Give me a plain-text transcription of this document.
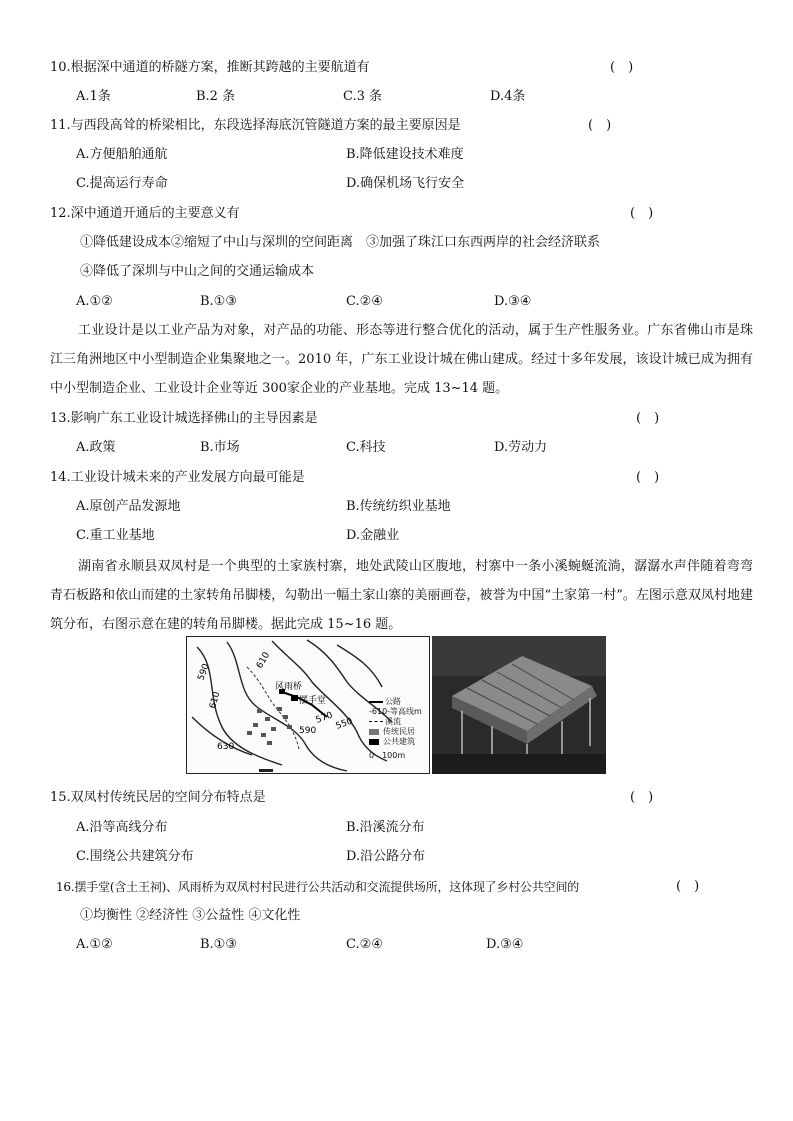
10.根据深中通道的桥隧方案，推断其跨越的主要航道有	(　)
A.1条	B.2 条	C.3 条	D.4条
11.与西段高耸的桥梁相比，东段选择海底沉管隧道方案的最主要原因是	(　)
A.方便船舶通航	B.降低建设技术难度
C.提高运行寿命	D.确保机场飞行安全
12.深中通道开通后的主要意义有	(　)
①降低建设成本②缩短了中山与深圳的空间距离　③加强了珠江口东西两岸的社会经济联系
④降低了深圳与中山之间的交通运输成本
A.①②	B.①③	C.②④	D.③④
工业设计是以工业产品为对象，对产品的功能、形态等进行整合优化的活动，属于生产性服务业。广东省佛山市是珠江三角洲地区中小型制造企业集聚地之一。2010 年，广东工业设计城在佛山建成。经过十多年发展，该设计城已成为拥有中小型制造企业、工业设计企业等近 300家企业的产业基地。完成 13~14 题。
13.影响广东工业设计城选择佛山的主导因素是	(　)
A.政策	B.市场	C.科技	D.劳动力
14.工业设计城未来的产业发展方向最可能是	(　)
A.原创产品发源地	B.传统纺织业基地
C.重工业基地	D.金融业
湖南省永顺县双凤村是一个典型的土家族村寨，地处武陵山区腹地，村寨中一条小溪蜿蜒流淌，潺潺水声伴随着弯弯青石板路和依山而建的土家转角吊脚楼，勾勒出一幅土家山寨的美丽画卷，被誉为中国“土家第一村”。左图示意双凤村地建筑分布，右图示意在建的转角吊脚楼。据此完成 15~16 题。
590
610
610
630
570 550
590
风雨桥
摆手堂	公路
-610-等高线m
溪流
传统民居
公共建筑
0　100m
15.双凤村传统民居的空间分布特点是	(　)
A.沿等高线分布	B.沿溪流分布
C.围绕公共建筑分布	D.沿公路分布
16.摆手堂(含土王祠)、风雨桥为双凤村村民进行公共活动和交流提供场所，这体现了乡村公共空间的	(　)
①均衡性 ②经济性 ③公益性 ④文化性
A.①②	B.①③	C.②④	D.③④
